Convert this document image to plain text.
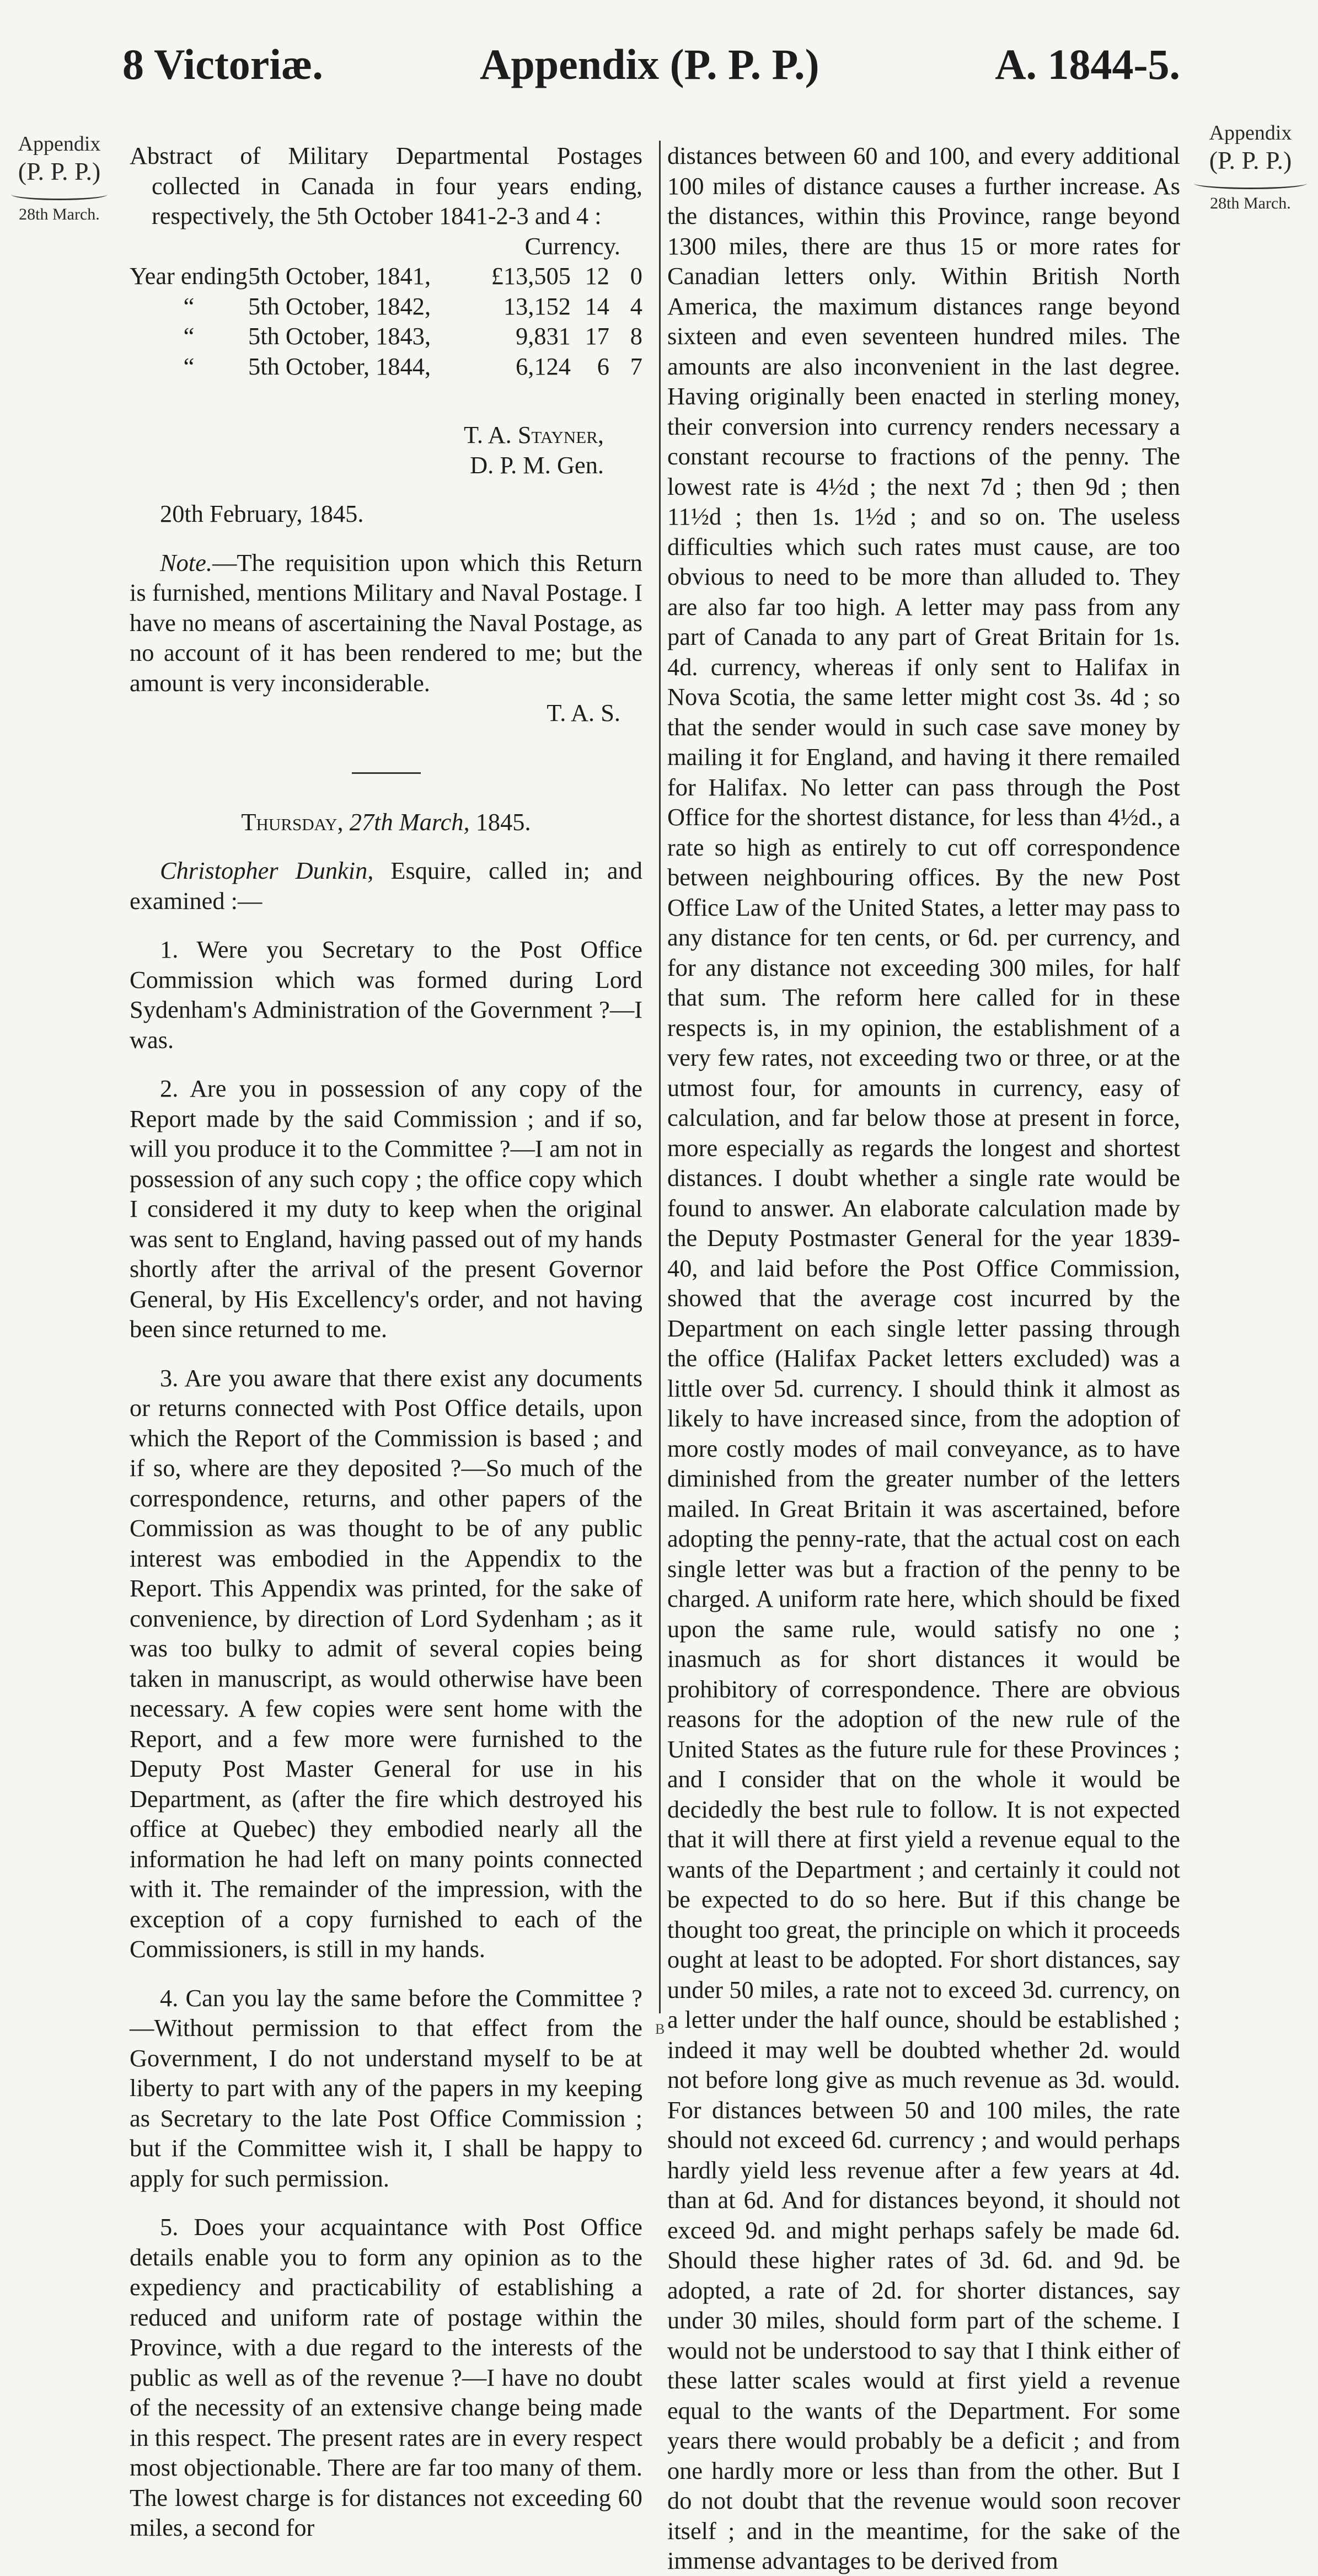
8 Victoriæ.	Appendix (P. P. P.)	A. 1844-5.
Appendix
(P. P. P.)
28th March.
Appendix
(P. P. P.)
28th March.

Abstract of Military Departmental Postages collected in Canada in four years ending, respectively, the 5th October 1841-2-3 and 4 :

		Currency.		
Year ending	5th October, 1841,	£13,505	12	0
“	5th October, 1842,	13,152	14	4
“	5th October, 1843,	9,831	17	8
“	5th October, 1844,	6,124	6	7

T. A. Stayner,

D. P. M. Gen.

20th February, 1845.

Note.—The requisition upon which this Return is furnished, mentions Military and Naval Postage. I have no means of ascertaining the Naval Postage, as no account of it has been rendered to me; but the amount is very inconsiderable.

T. A. S.

Thursday, 27th March, 1845.

Christopher Dunkin, Esquire, called in; and examined :—

1. Were you Secretary to the Post Office Commission which was formed during Lord Sydenham's Administration of the Government ?—I was.

2. Are you in possession of any copy of the Report made by the said Commission ; and if so, will you produce it to the Committee ?—I am not in possession of any such copy ; the office copy which I considered it my duty to keep when the original was sent to England, having passed out of my hands shortly after the arrival of the present Governor General, by His Excellency's order, and not having been since returned to me.

3. Are you aware that there exist any documents or returns connected with Post Office details, upon which the Report of the Commission is based ; and if so, where are they deposited ?—So much of the correspondence, returns, and other papers of the Commission as was thought to be of any public interest was embodied in the Appendix to the Report. This Appendix was printed, for the sake of convenience, by direction of Lord Sydenham ; as it was too bulky to admit of several copies being taken in manuscript, as would otherwise have been necessary. A few copies were sent home with the Report, and a few more were furnished to the Deputy Post Master General for use in his Department, as (after the fire which destroyed his office at Quebec) they embodied nearly all the information he had left on many points connected with it. The remainder of the impression, with the exception of a copy furnished to each of the Commissioners, is still in my hands.

4. Can you lay the same before the Committee ?—Without permission to that effect from the Government, I do not understand myself to be at liberty to part with any of the papers in my keeping as Secretary to the late Post Office Commission ; but if the Committee wish it, I shall be happy to apply for such permission.

5. Does your acquaintance with Post Office details enable you to form any opinion as to the expediency and practicability of establishing a reduced and uniform rate of postage within the Province, with a due regard to the interests of the public as well as of the revenue ?—I have no doubt of the necessity of an extensive change being made in this respect. The present rates are in every respect most objectionable. There are far too many of them. The lowest charge is for distances not exceeding 60 miles, a second for

distances between 60 and 100, and every additional 100 miles of distance causes a further increase. As the distances, within this Province, range beyond 1300 miles, there are thus 15 or more rates for Canadian letters only. Within British North America, the maximum distances range beyond sixteen and even seventeen hundred miles. The amounts are also inconvenient in the last degree. Having originally been enacted in sterling money, their conversion into currency renders necessary a constant recourse to fractions of the penny. The lowest rate is 4½d ; the next 7d ; then 9d ; then 11½d ; then 1s. 1½d ; and so on. The useless difficulties which such rates must cause, are too obvious to need to be more than alluded to. They are also far too high. A letter may pass from any part of Canada to any part of Great Britain for 1s. 4d. currency, whereas if only sent to Halifax in Nova Scotia, the same letter might cost 3s. 4d ; so that the sender would in such case save money by mailing it for England, and having it there remailed for Halifax. No letter can pass through the Post Office for the shortest distance, for less than 4½d., a rate so high as entirely to cut off correspondence between neighbouring offices. By the new Post Office Law of the United States, a letter may pass to any distance for ten cents, or 6d. per currency, and for any distance not exceeding 300 miles, for half that sum. The reform here called for in these respects is, in my opinion, the establishment of a very few rates, not exceeding two or three, or at the utmost four, for amounts in currency, easy of calculation, and far below those at present in force, more especially as regards the longest and shortest distances. I doubt whether a single rate would be found to answer. An elaborate calculation made by the Deputy Postmaster General for the year 1839-40, and laid before the Post Office Commission, showed that the average cost incurred by the Department on each single letter passing through the office (Halifax Packet letters excluded) was a little over 5d. currency. I should think it almost as likely to have increased since, from the adoption of more costly modes of mail conveyance, as to have diminished from the greater number of the letters mailed. In Great Britain it was ascertained, before adopting the penny-rate, that the actual cost on each single letter was but a fraction of the penny to be charged. A uniform rate here, which should be fixed upon the same rule, would satisfy no one ; inasmuch as for short distances it would be prohibitory of correspondence. There are obvious reasons for the adoption of the new rule of the United States as the future rule for these Provinces ; and I consider that on the whole it would be decidedly the best rule to follow. It is not expected that it will there at first yield a revenue equal to the wants of the Department ; and certainly it could not be expected to do so here. But if this change be thought too great, the principle on which it proceeds ought at least to be adopted. For short distances, say under 50 miles, a rate not to exceed 3d. currency, on a letter under the half ounce, should be established ; indeed it may well be doubted whether 2d. would not before long give as much revenue as 3d. would. For distances between 50 and 100 miles, the rate should not exceed 6d. currency ; and would perhaps hardly yield less revenue after a few years at 4d. than at 6d. And for distances beyond, it should not exceed 9d. and might perhaps safely be made 6d. Should these higher rates of 3d. 6d. and 9d. be adopted, a rate of 2d. for shorter distances, say under 30 miles, should form part of the scheme. I would not be understood to say that I think either of these latter scales would at first yield a revenue equal to the wants of the Department. For some years there would probably be a deficit ; and from one hardly more or less than from the other. But I do not doubt that the revenue would soon recover itself ; and in the meantime, for the sake of the immense advantages to be derived from

B
